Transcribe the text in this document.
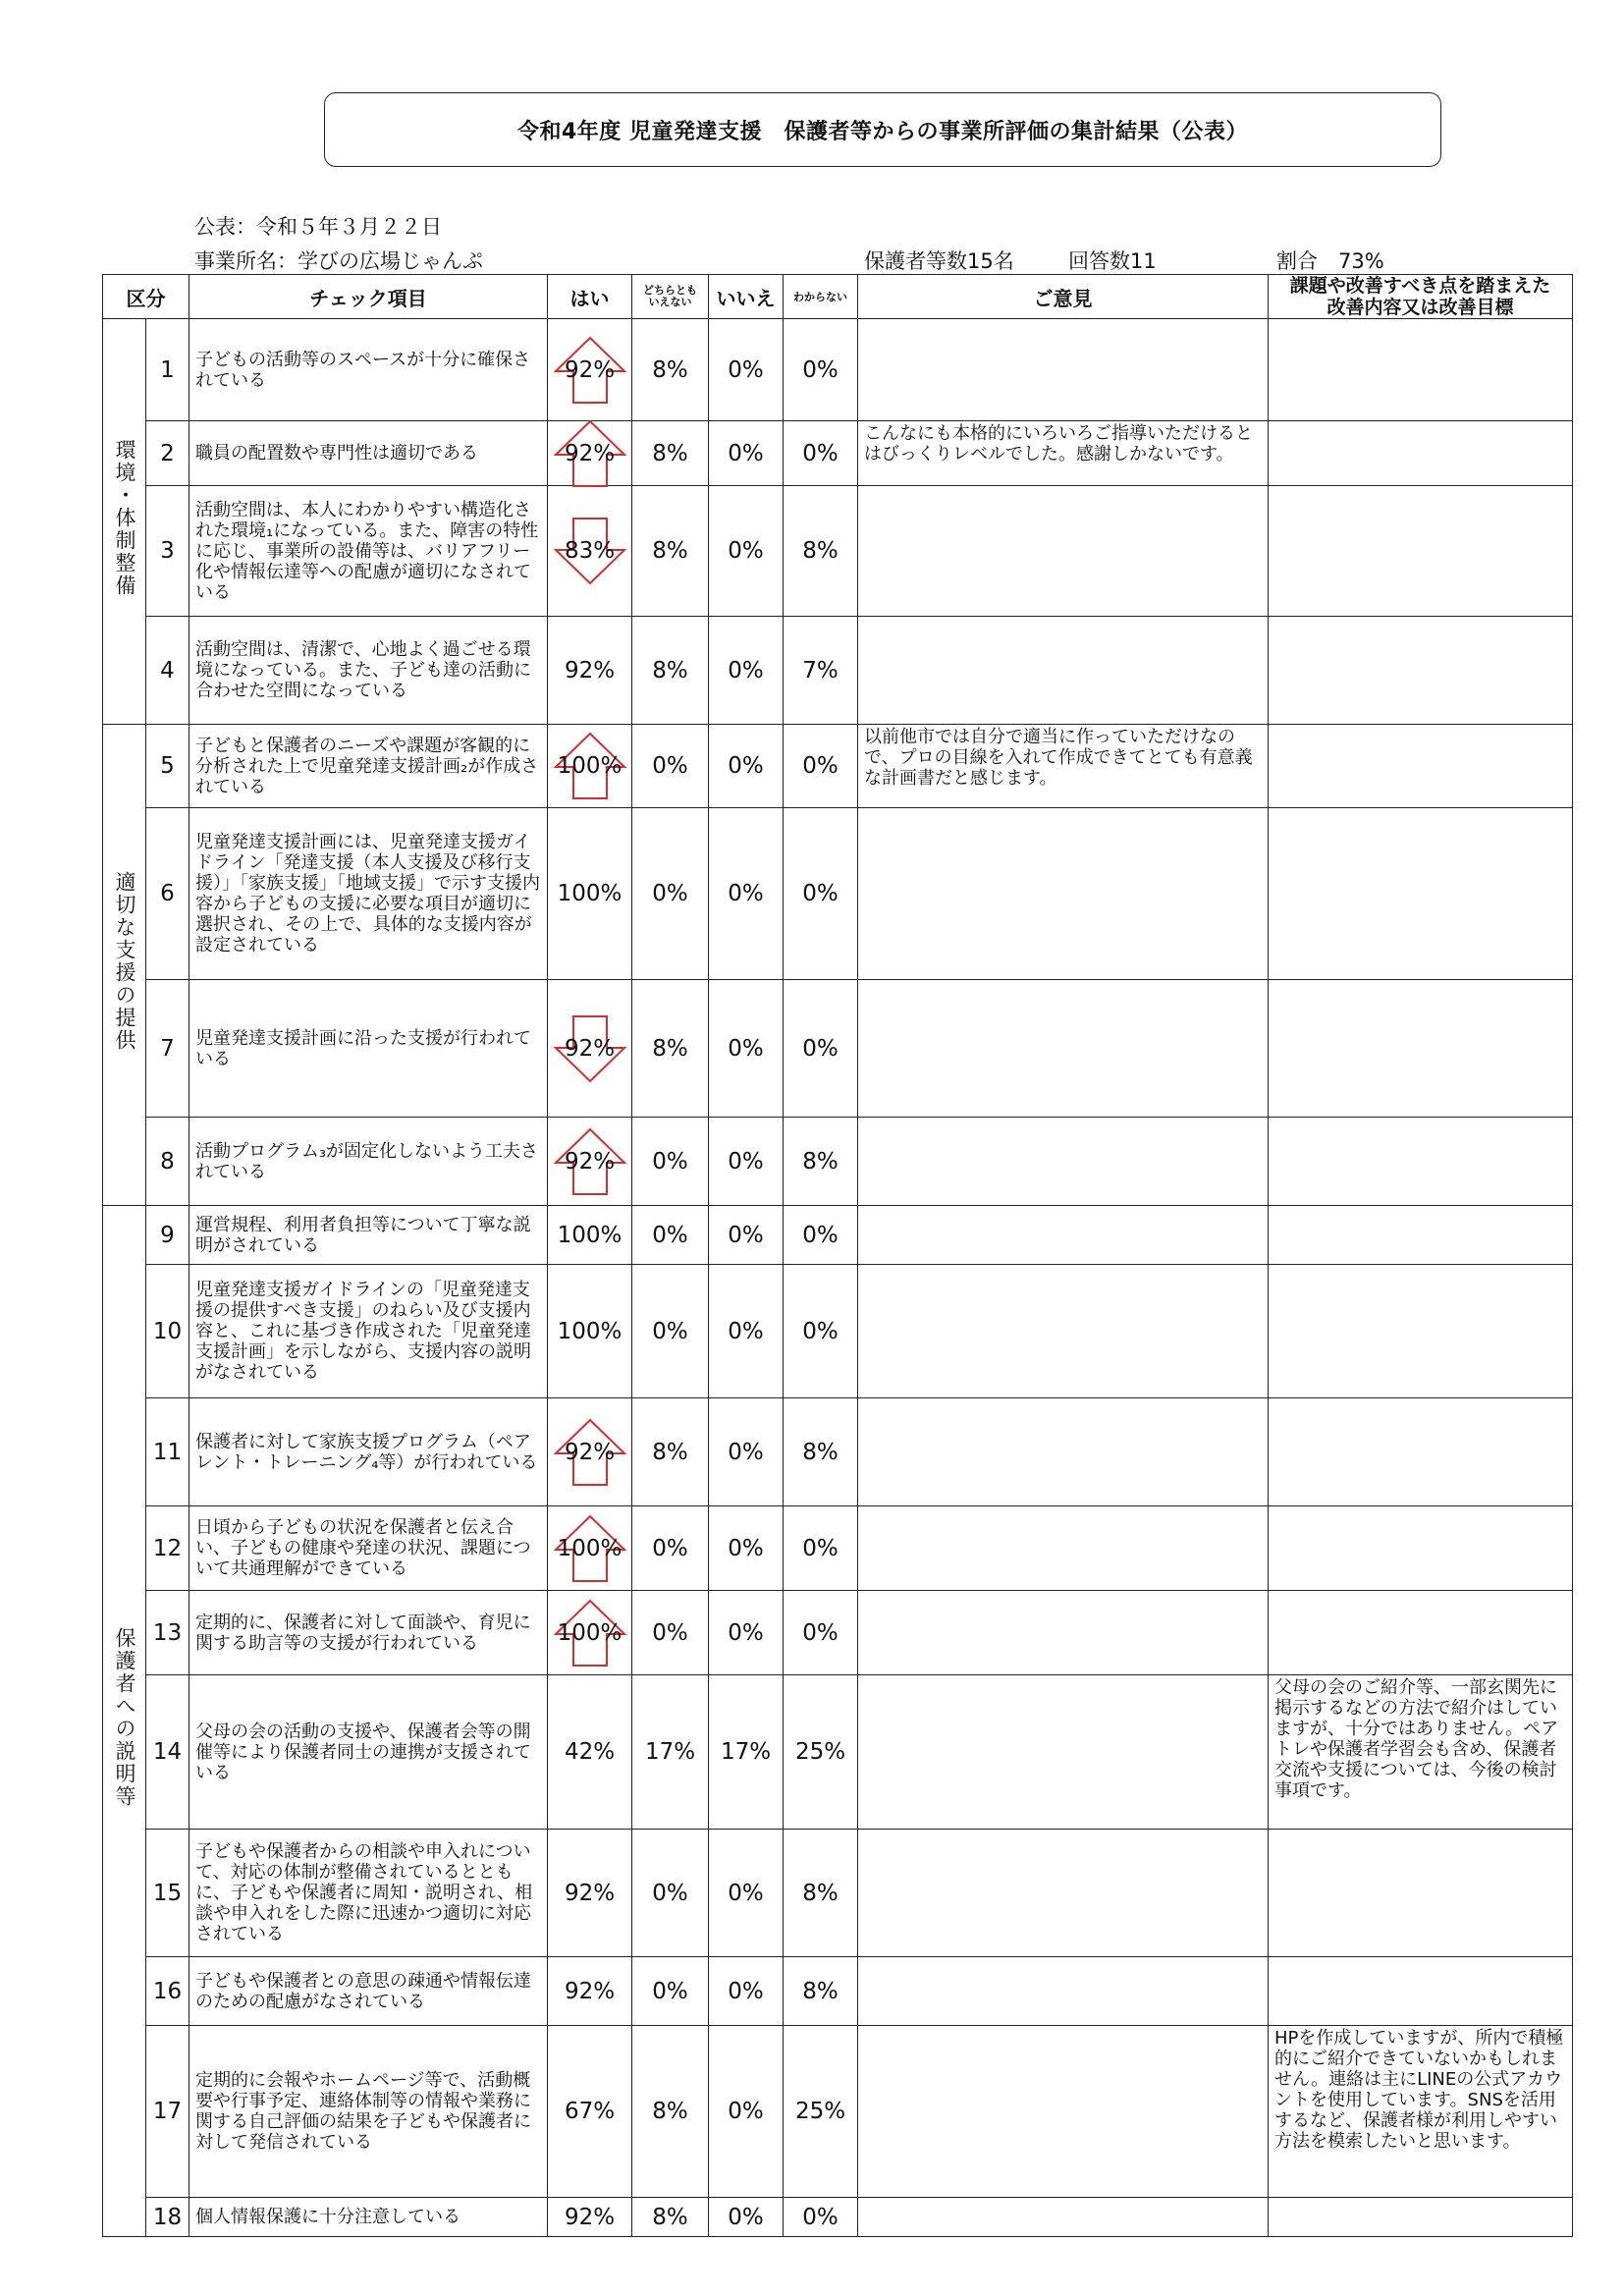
令和4年度 児童発達支援　保護者等からの事業所評価の集計結果（公表）
公表：令和５年３月２２日
事業所名：学びの広場じゃんぷ	保護者等数15名	回答数11	割合　73%
区分		チェック項目	はい	どちらとも
いえない	いいえ	わからない	ご意見	課題や改善すべき点を踏まえた
改善内容又は改善目標
環境・体制整備	1	子どもの活動等のスペースが十分に確保されている	92%	8%	0%	0%		
	2	職員の配置数や専門性は適切である	92%	8%	0%	0%	こんなにも本格的にいろいろご指導いただけるとはびっくりレベルでした。感謝しかないです。	
	3	活動空間は、本人にわかりやすい構造化された環境₁になっている。また、障害の特性に応じ、事業所の設備等は、バリアフリー化や情報伝達等への配慮が適切になされている	83%	8%	0%	8%		
	4	活動空間は、清潔で、心地よく過ごせる環境になっている。また、子ども達の活動に合わせた空間になっている	92%	8%	0%	7%		
適切な支援の提供	5	子どもと保護者のニーズや課題が客観的に分析された上で児童発達支援計画₂が作成されている	100%	0%	0%	0%	以前他市では自分で適当に作っていただけなので、プロの目線を入れて作成できてとても有意義な計画書だと感じます。	
	6	児童発達支援計画には、児童発達支援ガイドライン「発達支援（本人支援及び移行支援）」「家族支援」「地域支援」で示す支援内容から子どもの支援に必要な項目が適切に選択され、その上で、具体的な支援内容が設定されている	100%	0%	0%	0%		
	7	児童発達支援計画に沿った支援が行われている	92%	8%	0%	0%		
	8	活動プログラム₃が固定化しないよう工夫されている	92%	0%	0%	8%		
保護者への説明等	9	運営規程、利用者負担等について丁寧な説明がされている	100%	0%	0%	0%		
	10	児童発達支援ガイドラインの「児童発達支援の提供すべき支援」のねらい及び支援内容と、これに基づき作成された「児童発達支援計画」を示しながら、支援内容の説明がなされている	100%	0%	0%	0%		
	11	保護者に対して家族支援プログラム（ペアレント・トレーニング₄等）が行われている	92%	8%	0%	8%		
	12	日頃から子どもの状況を保護者と伝え合い、子どもの健康や発達の状況、課題について共通理解ができている	100%	0%	0%	0%		
	13	定期的に、保護者に対して面談や、育児に関する助言等の支援が行われている	100%	0%	0%	0%		
	14	父母の会の活動の支援や、保護者会等の開催等により保護者同士の連携が支援されている	42%	17%	17%	25%		父母の会のご紹介等、一部玄関先に掲示するなどの方法で紹介はしていますが、十分ではありません。ペアトレや保護者学習会も含め、保護者交流や支援については、今後の検討事項です。
	15	子どもや保護者からの相談や申入れについて、対応の体制が整備されているとともに、子どもや保護者に周知・説明され、相談や申入れをした際に迅速かつ適切に対応されている	92%	0%	0%	8%		
	16	子どもや保護者との意思の疎通や情報伝達のための配慮がなされている	92%	0%	0%	8%		
	17	定期的に会報やホームページ等で、活動概要や行事予定、連絡体制等の情報や業務に関する自己評価の結果を子どもや保護者に対して発信されている	67%	8%	0%	25%		HPを作成していますが、所内で積極的にご紹介できていないかもしれません。連絡は主にLINEの公式アカウントを使用しています。SNSを活用するなど、保護者様が利用しやすい方法を模索したいと思います。
	18	個人情報保護に十分注意している	92%	8%	0%	0%		
